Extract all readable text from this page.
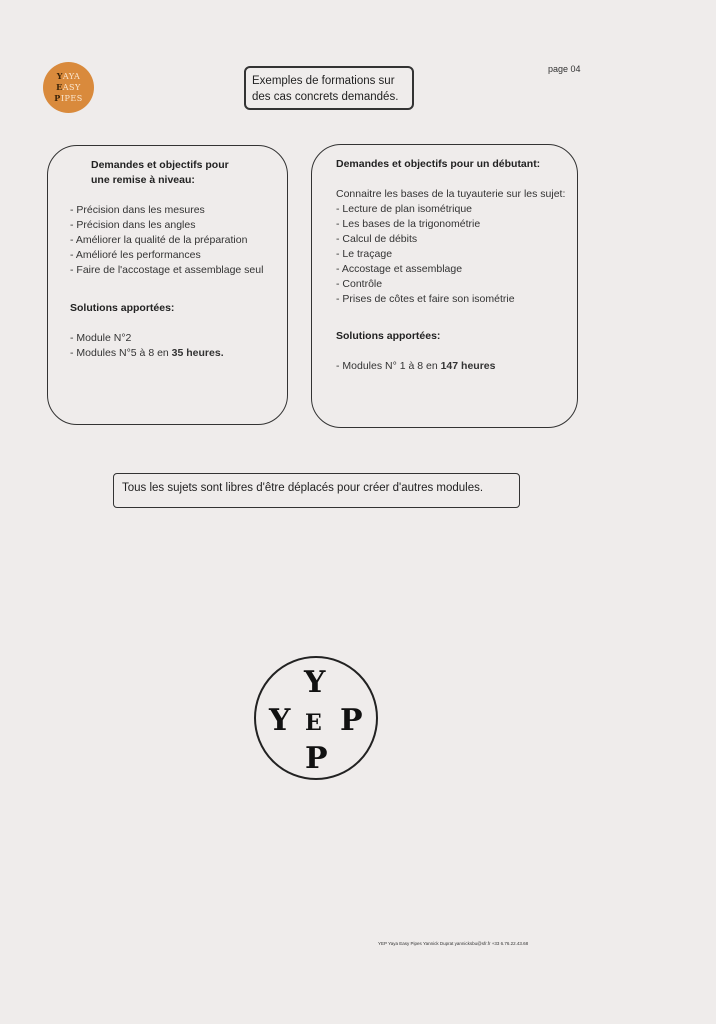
page 04
YAYA
EASY
PIPES
Exemples de formations sur
des cas concrets demandés.
Demandes et objectifs pour
une remise à niveau:
- Précision dans les mesures
- Précision dans les angles
- Améliorer la qualité de la préparation
- Amélioré les performances
- Faire de l'accostage et assemblage seul
Solutions apportées:
- Module N°2
- Modules N°5 à 8 en 35 heures.
Demandes et objectifs pour un débutant:
Connaitre les bases de la tuyauterie sur les sujet:
- Lecture de plan isométrique
- Les bases de la trigonométrie
- Calcul de débits
- Le traçage
- Accostage et assemblage
- Contrôle
- Prises de côtes et faire son isométrie
Solutions apportées:
- Modules N° 1 à 8 en 147 heures
Tous les sujets sont libres d'être déplacés pour créer d'autres modules.
Y
Y E P
P
YEP Yaya Easy Pipes Yannick Duprat yannicksbu@sfr.fr +33 6.76.22.43.68
